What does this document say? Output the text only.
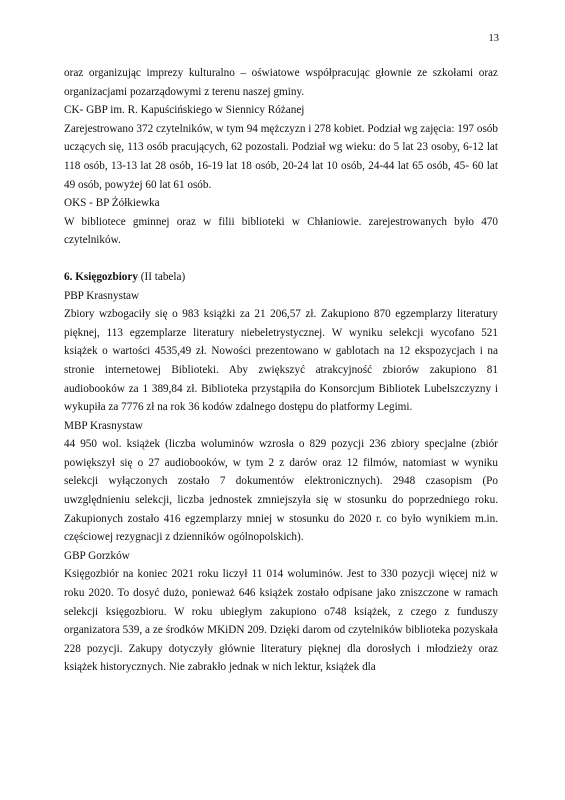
13

oraz organizując imprezy kulturalno – oświatowe współpracując głownie ze szkołami oraz organizacjami pozarządowymi z terenu naszej gminy.

CK- GBP im. R. Kapuścińskiego w Siennicy Różanej

Zarejestrowano 372 czytelników, w tym 94 mężczyzn i 278 kobiet. Podział wg zajęcia: 197 osób uczących się, 113 osób pracujących, 62 pozostali. Podział wg wieku: do 5 lat 23 osoby, 6-12 lat 118 osób, 13-13 lat 28 osób, 16-19 lat 18 osób, 20-24 lat 10 osób, 24-44 lat 65 osób, 45- 60 lat 49 osób, powyżej 60 lat 61 osób.

OKS - BP Żółkiewka

W bibliotece gminnej oraz w filii biblioteki w Chłaniowie. zarejestrowanych było 470 czytelników.

6. Księgozbiory (II tabela)

PBP Krasnystaw

Zbiory wzbogaciły się o 983 książki za 21 206,57 zł. Zakupiono 870 egzemplarzy literatury pięknej, 113 egzemplarze literatury niebeletrystycznej. W wyniku selekcji wycofano 521 książek o wartości 4535,49 zł. Nowości prezentowano w gablotach na 12 ekspozycjach i na stronie internetowej Biblioteki. Aby zwiększyć atrakcyjność zbiorów zakupiono 81 audiobooków za 1 389,84 zł. Biblioteka przystąpiła do Konsorcjum Bibliotek Lubelszczyzny i wykupiła za 7776 zł na rok 36 kodów zdalnego dostępu do platformy Legimi.

MBP Krasnystaw

44 950 wol. książek (liczba woluminów wzrosła o 829 pozycji 236 zbiory specjalne (zbiór powiększył się o 27 audiobooków, w tym 2 z darów oraz 12 filmów, natomiast w wyniku selekcji wyłączonych zostało 7 dokumentów elektronicznych). 2948 czasopism (Po uwzględnieniu selekcji, liczba jednostek zmniejszyła się w stosunku do poprzedniego roku. Zakupionych zostało 416 egzemplarzy mniej w stosunku do 2020 r. co było wynikiem m.in. częściowej rezygnacji z dzienników ogólnopolskich).

GBP Gorzków

Księgozbiór na koniec 2021 roku liczył 11 014 woluminów. Jest to 330 pozycji więcej niż w roku 2020. To dosyć dużo, ponieważ 646 książek zostało odpisane jako zniszczone w ramach selekcji księgozbioru. W roku ubiegłym zakupiono o748 książek, z czego z funduszy organizatora 539, a ze środków MKiDN 209. Dzięki darom od czytelników biblioteka pozyskała 228 pozycji. Zakupy dotyczyły głównie literatury pięknej dla dorosłych i młodzieży oraz książek historycznych. Nie zabrakło jednak w nich lektur, książek dla
